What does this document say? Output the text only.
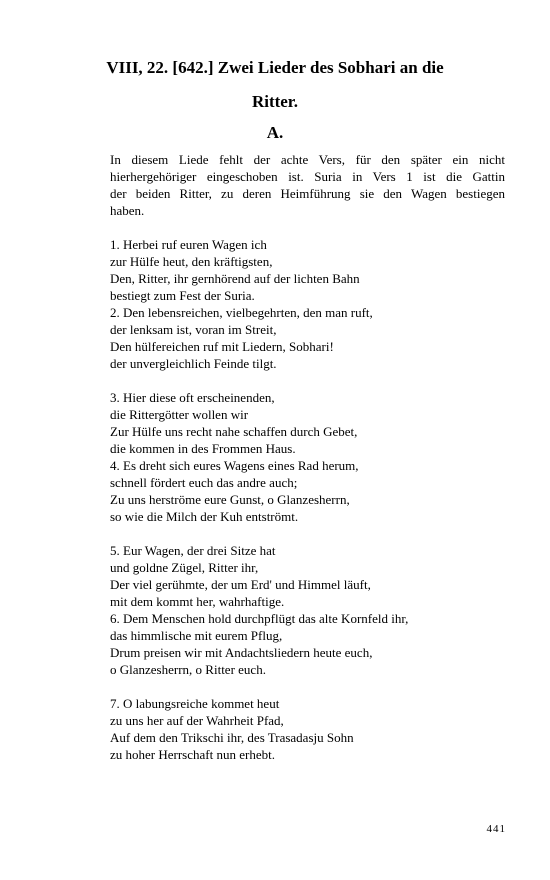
VIII, 22. [642.] Zwei Lieder des Sobhari an die
Ritter.
A.

In diesem Liede fehlt der achte Vers, für den später ein nicht
hierhergehöriger eingeschoben ist. Suria in Vers 1 ist die Gattin
der beiden Ritter, zu deren Heimführung sie den Wagen bestiegen
haben.

1. Herbei ruf euren Wagen ich
zur Hülfe heut, den kräftigsten,
Den, Ritter, ihr gernhörend auf der lichten Bahn
bestiegt zum Fest der Suria.
2. Den lebensreichen, vielbegehrten, den man ruft,
der lenksam ist, voran im Streit,
Den hülfereichen ruf mit Liedern, Sobhari!
der unvergleichlich Feinde tilgt.
3. Hier diese oft erscheinenden,
die Rittergötter wollen wir
Zur Hülfe uns recht nahe schaffen durch Gebet,
die kommen in des Frommen Haus.
4. Es dreht sich eures Wagens eines Rad herum,
schnell fördert euch das andre auch;
Zu uns herströme eure Gunst, o Glanzesherrn,
so wie die Milch der Kuh entströmt.
5. Eur Wagen, der drei Sitze hat
und goldne Zügel, Ritter ihr,
Der viel gerühmte, der um Erd' und Himmel läuft,
mit dem kommt her, wahrhaftige.
6. Dem Menschen hold durchpflügt das alte Kornfeld ihr,
das himmlische mit eurem Pflug,
Drum preisen wir mit Andachtsliedern heute euch,
o Glanzesherrn, o Ritter euch.
7. O labungsreiche kommet heut
zu uns her auf der Wahrheit Pfad,
Auf dem den Trikschi ihr, des Trasadasju Sohn
zu hoher Herrschaft nun erhebt.
441
